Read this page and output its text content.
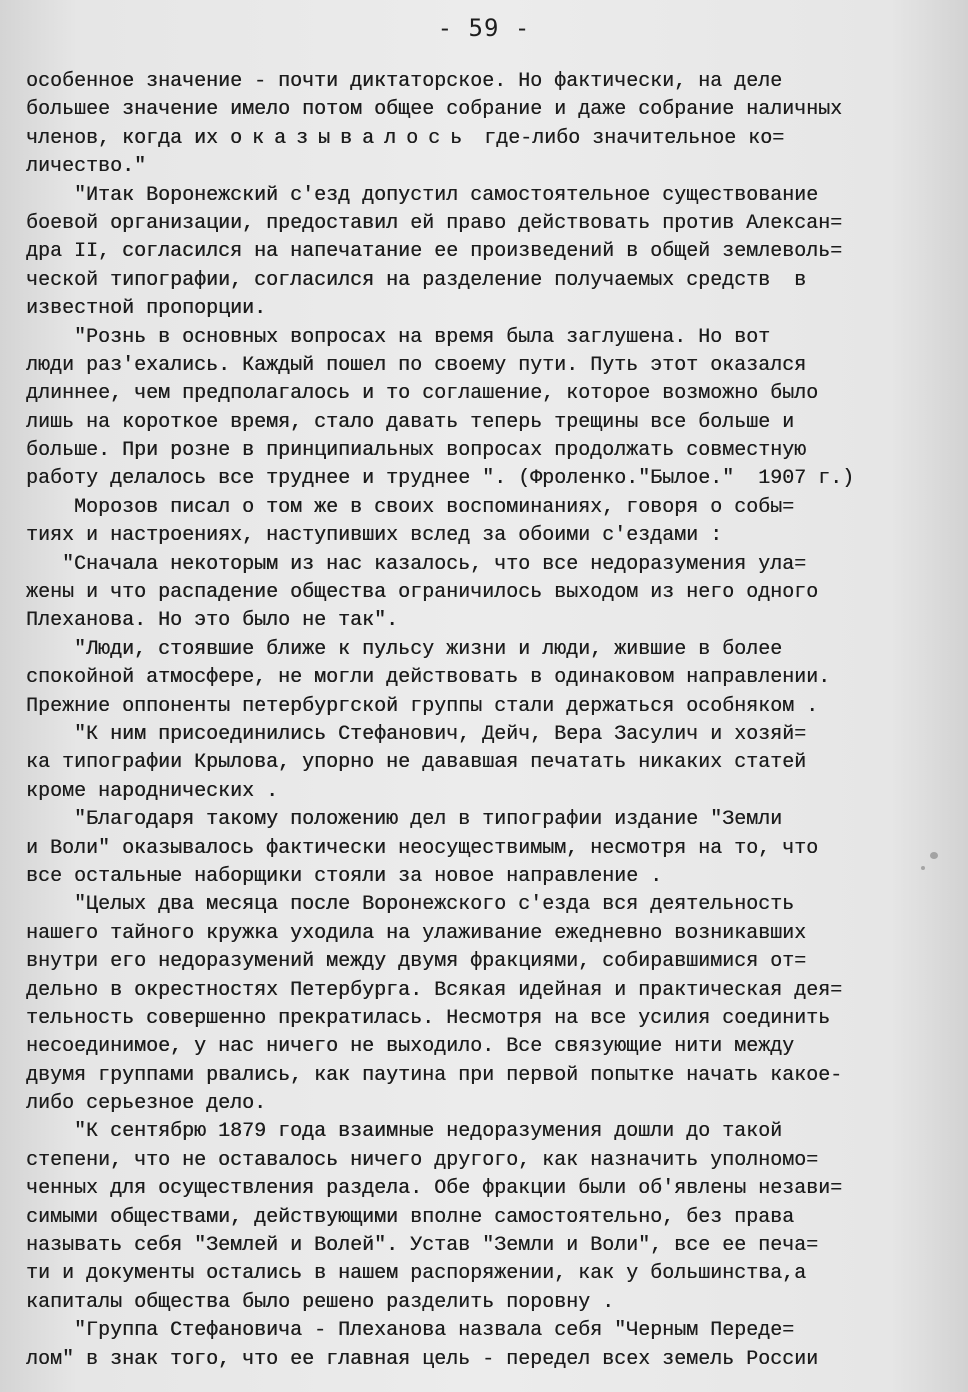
- 59 -
особенное значение - почти диктаторское. Но фактически, на деле
большее значение имело потом общее собрание и даже собрание наличных
членов, когда их оказывалось где-либо значительное ко=
личество."
"Итак Воронежский с'езд допустил самостоятельное существование
боевой организации, предоставил ей право действовать против Алексан=
дра II, согласился на напечатание ее произведений в общей землеволь=
ческой типографии, согласился на разделение получаемых средств  в
известной пропорции.
"Рознь в основных вопросах на время была заглушена. Но вот
люди раз'ехались. Каждый пошел по своему пути. Путь этот оказался
длиннее, чем предполагалось и то соглашение, которое возможно было
лишь на короткое время, стало давать теперь трещины все больше и
больше. При розне в принципиальных вопросах продолжать совместную
работу делалось все труднее и труднее ". (Фроленко."Былое."  1907 г.)
Морозов писал о том же в своих воспоминаниях, говоря о собы=
тиях и настроениях, наступивших вслед за обоими с'ездами :
"Сначала некоторым из нас казалось, что все недоразумения ула=
жены и что распадение общества ограничилось выходом из него одного
Плеханова. Но это было не так".
"Люди, стоявшие ближе к пульсу жизни и люди, жившие в более
спокойной атмосфере, не могли действовать в одинаковом направлении.
Прежние оппоненты петербургской группы стали держаться особняком .
"К ним присоединились Стефанович, Дейч, Вера Засулич и хозяй=
ка типографии Крылова, упорно не дававшая печатать никаких статей
кроме народнических .
"Благодаря такому положению дел в типографии издание "Земли
и Воли" оказывалось фактически неосуществимым, несмотря на то, что
все остальные наборщики стояли за новое направление .
"Целых два месяца после Воронежского с'езда вся деятельность
нашего тайного кружка уходила на улаживание ежедневно возникавших
внутри его недоразумений между двумя фракциями, собиравшимися от=
дельно в окрестностях Петербурга. Всякая идейная и практическая дея=
тельность совершенно прекратилась. Несмотря на все усилия соединить
несоединимое, у нас ничего не выходило. Все связующие нити между
двумя группами рвались, как паутина при первой попытке начать какое-
либо серьезное дело.
"К сентябрю 1879 года взаимные недоразумения дошли до такой
степени, что не оставалось ничего другого, как назначить уполномо=
ченных для осуществления раздела. Обе фракции были об'явлены незави=
симыми обществами, действующими вполне самостоятельно, без права
называть себя "Землей и Волей". Устав "Земли и Воли", все ее печа=
ти и документы остались в нашем распоряжении, как у большинства,а
капиталы общества было решено разделить поровну .
"Группа Стефановича - Плеханова назвала себя "Черным Переде=
лом" в знак того, что ее главная цель - передел всех земель России
